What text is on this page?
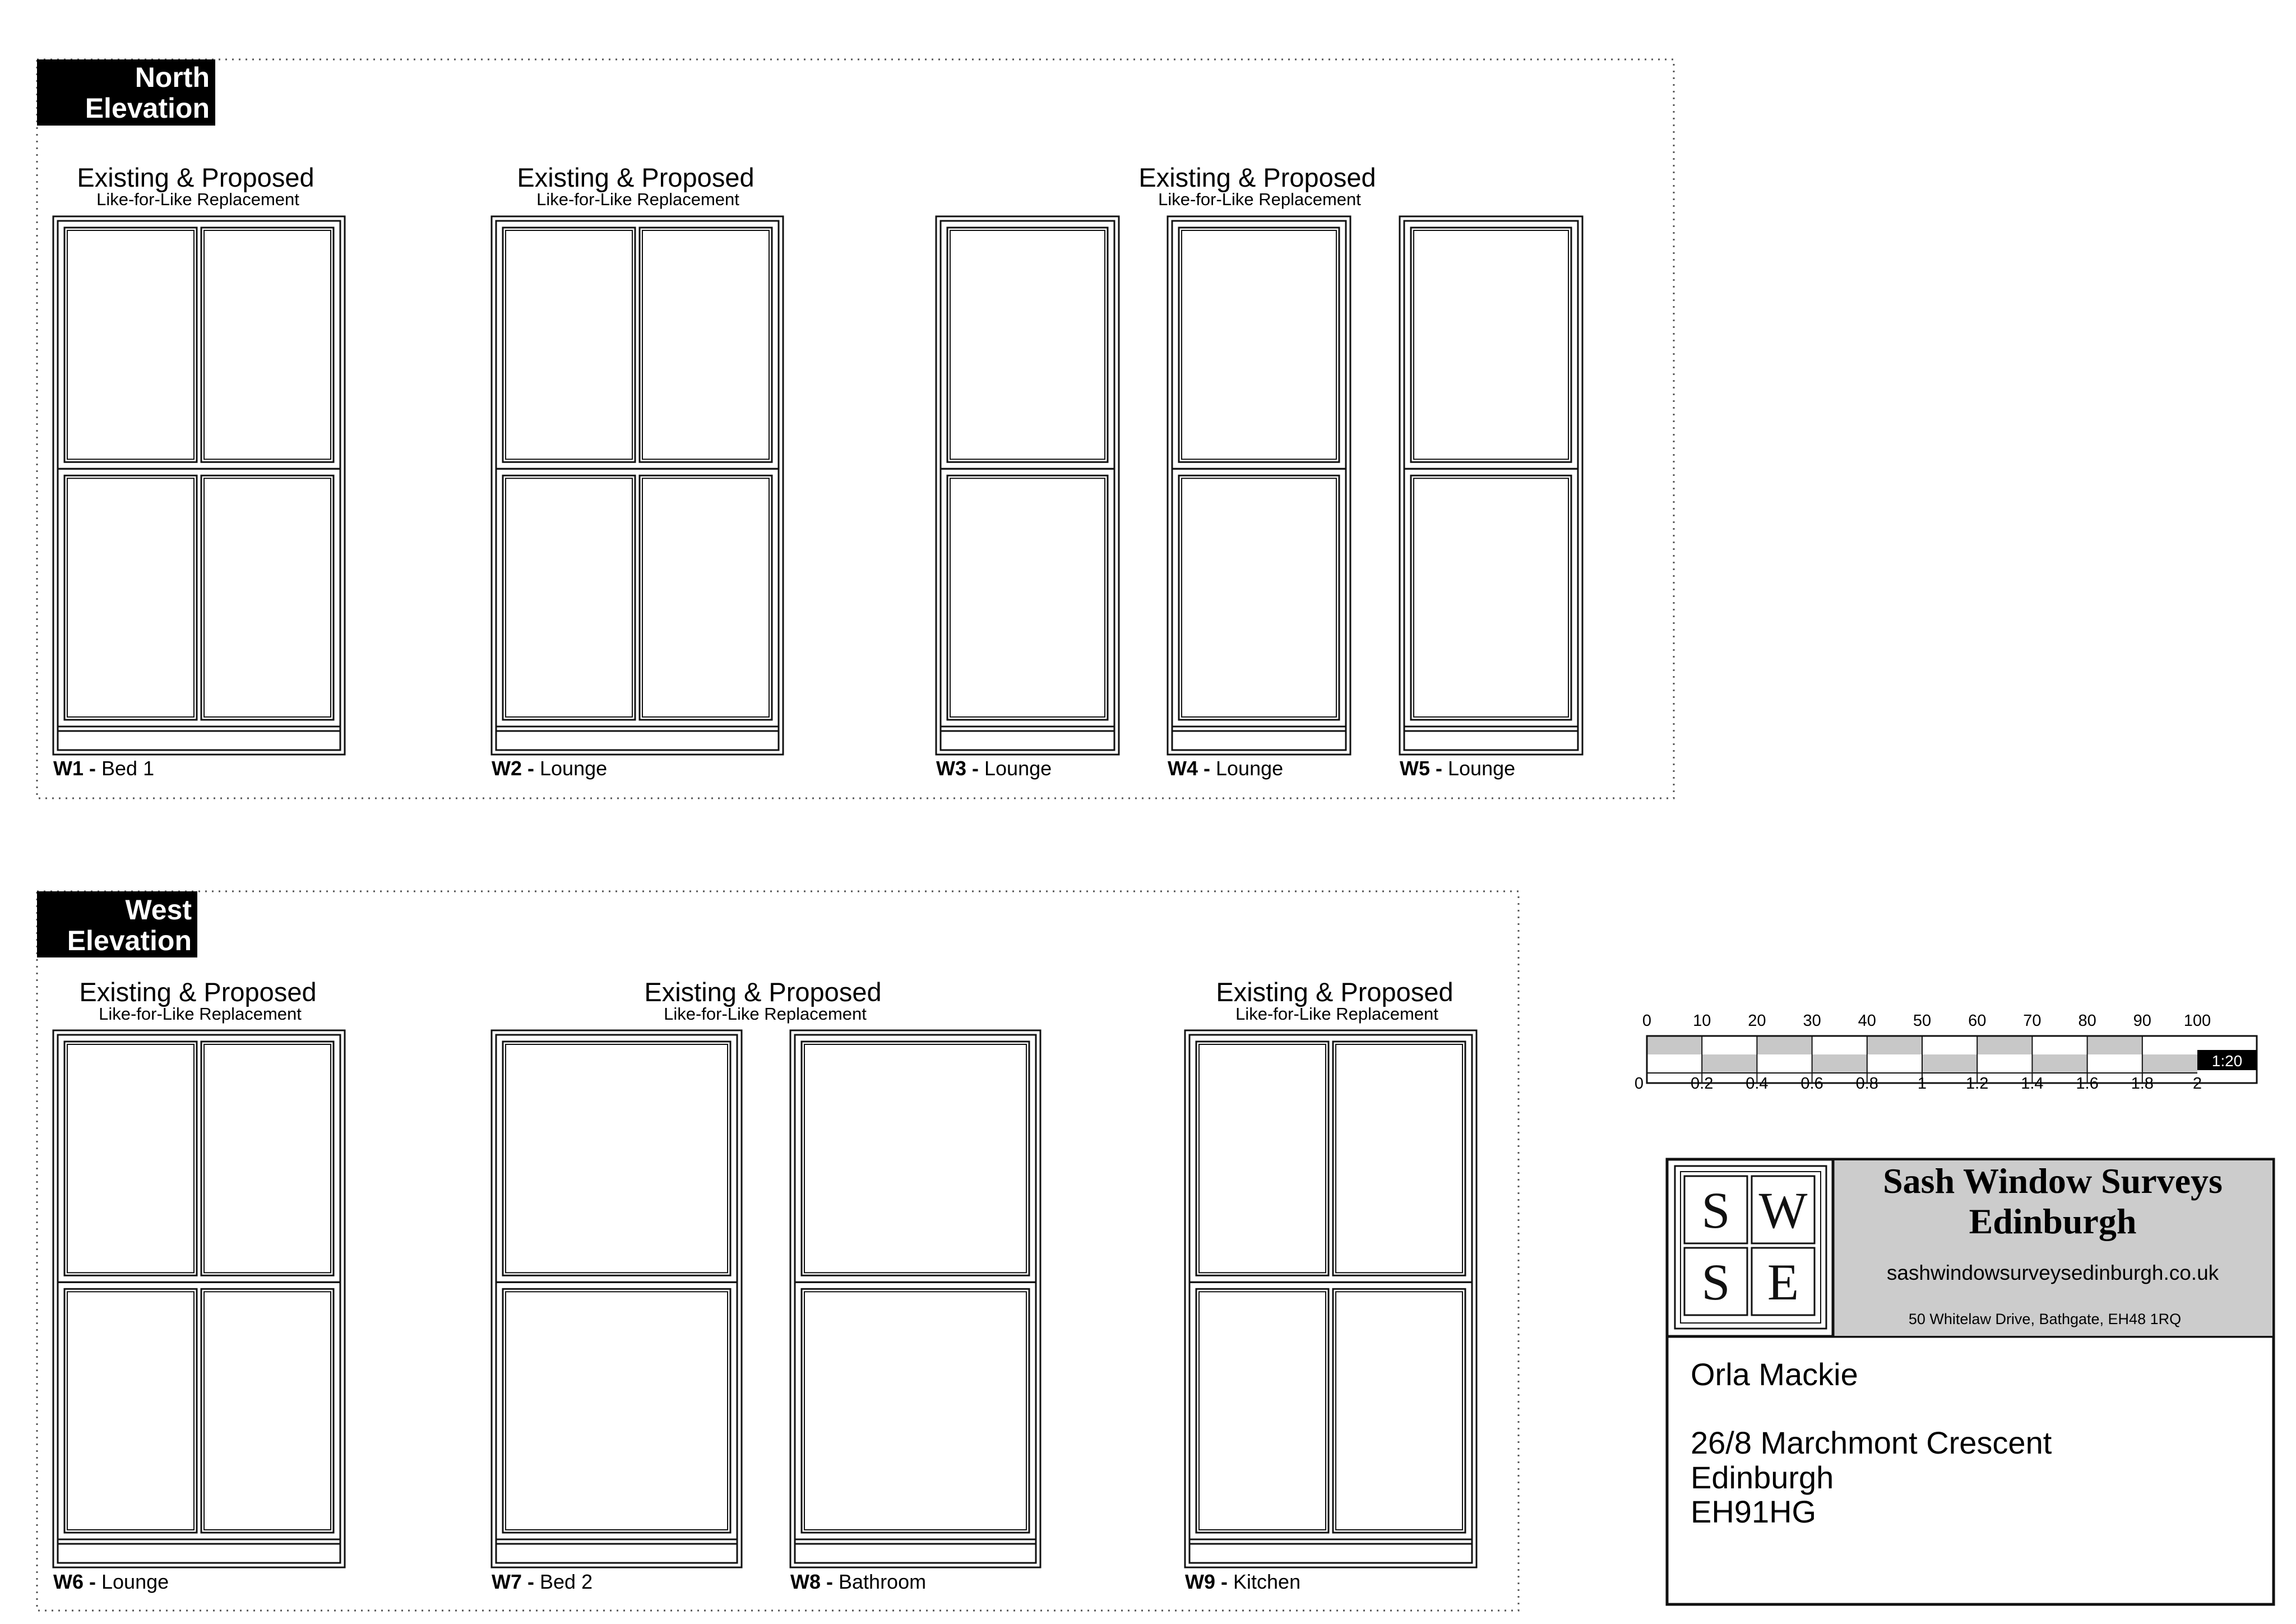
North
Elevation
Existing & Proposed
Like-for-Like Replacement
Existing & Proposed
Like-for-Like Replacement
Existing & Proposed
Like-for-Like Replacement
W1 - Bed 1	W2 - Lounge	W3 - Lounge	W4 - Lounge	W5 - Lounge
West
Elevation
Existing & Proposed
Like-for-Like Replacement
Existing & Proposed
Like-for-Like Replacement
Existing & Proposed
Like-for-Like Replacement
W6 - Lounge	W7 - Bed 2	W8 - Bathroom	W9 - Kitchen
0	10 20 30 40 50 60 70 80 90 100
1:20
0	0.2 0.4 0.6 0.8 1 1.2 1.4 1.6 1.8 2
S W
S E
Sash Window Surveys
Edinburgh
sashwindowsurveysedinburgh.co.uk
50 Whitelaw Drive, Bathgate, EH48 1RQ
Orla Mackie
26/8 Marchmont Crescent
Edinburgh
EH91HG
